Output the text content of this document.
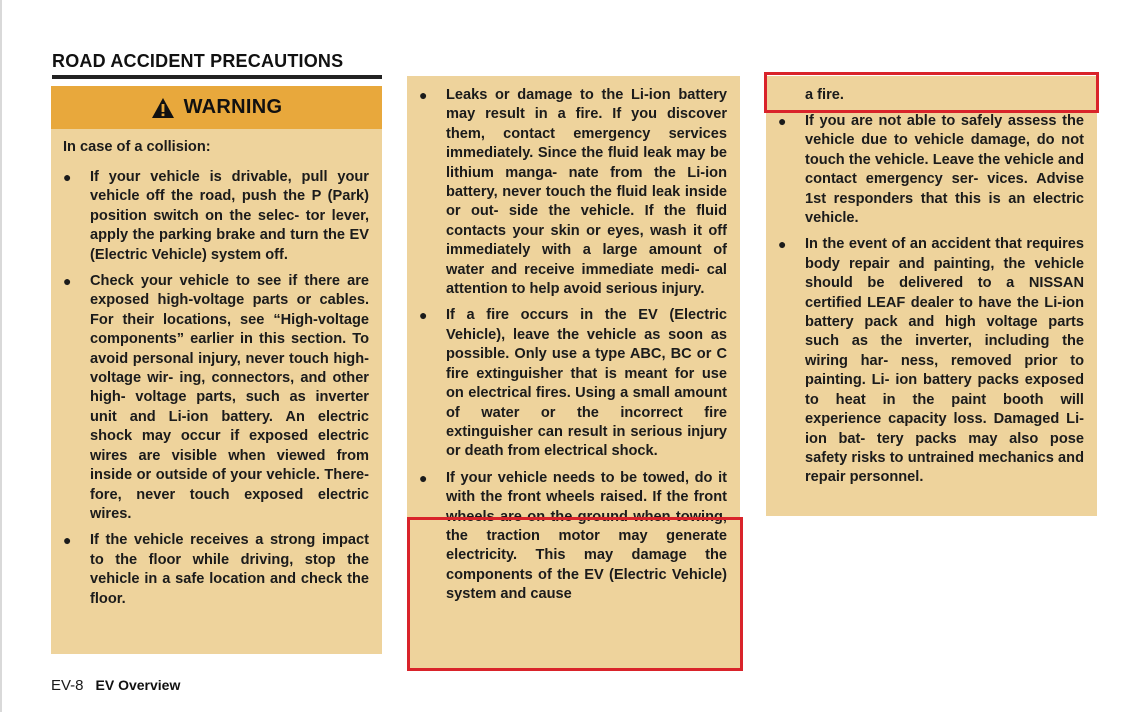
ROAD ACCIDENT PRECAUTIONS
WARNING
In case of a collision:
● If your vehicle is drivable, pull your vehicle off the road, push the P (Park) position switch on the selec- tor lever, apply the parking brake and turn the EV (Electric Vehicle) system off.
● Check your vehicle to see if there are exposed high-voltage parts or cables. For their locations, see “High-voltage components” earlier in this section. To avoid personal injury, never touch high-voltage wir- ing, connectors, and other high- voltage parts, such as inverter unit and Li-ion battery. An electric shock may occur if exposed electric wires are visible when viewed from inside or outside of your vehicle. There- fore, never touch exposed electric wires.
● If the vehicle receives a strong impact to the floor while driving, stop the vehicle in a safe location and check the floor.
● Leaks or damage to the Li-ion battery may result in a fire. If you discover them, contact emergency services immediately. Since the fluid leak may be lithium manga- nate from the Li-ion battery, never touch the fluid leak inside or out- side the vehicle. If the fluid contacts your skin or eyes, wash it off immediately with a large amount of water and receive immediate medi- cal attention to help avoid serious injury.
● If a fire occurs in the EV (Electric Vehicle), leave the vehicle as soon as possible. Only use a type ABC, BC or C fire extinguisher that is meant for use on electrical fires. Using a small amount of water or the incorrect fire extinguisher can result in serious injury or death from electrical shock.
● If your vehicle needs to be towed, do it with the front wheels raised. If the front wheels are on the ground when towing, the traction motor may generate electricity. This may damage the components of the EV (Electric Vehicle) system and cause
a fire.
● If you are not able to safely assess the vehicle due to vehicle damage, do not touch the vehicle. Leave the vehicle and contact emergency ser- vices. Advise 1st responders that this is an electric vehicle.
● In the event of an accident that requires body repair and painting, the vehicle should be delivered to a NISSAN certified LEAF dealer to have the Li-ion battery pack and high voltage parts such as the inverter, including the wiring har- ness, removed prior to painting. Li- ion battery packs exposed to heat in the paint booth will experience capacity loss. Damaged Li-ion bat- tery packs may also pose safety risks to untrained mechanics and repair personnel.
EV-8 EV Overview
